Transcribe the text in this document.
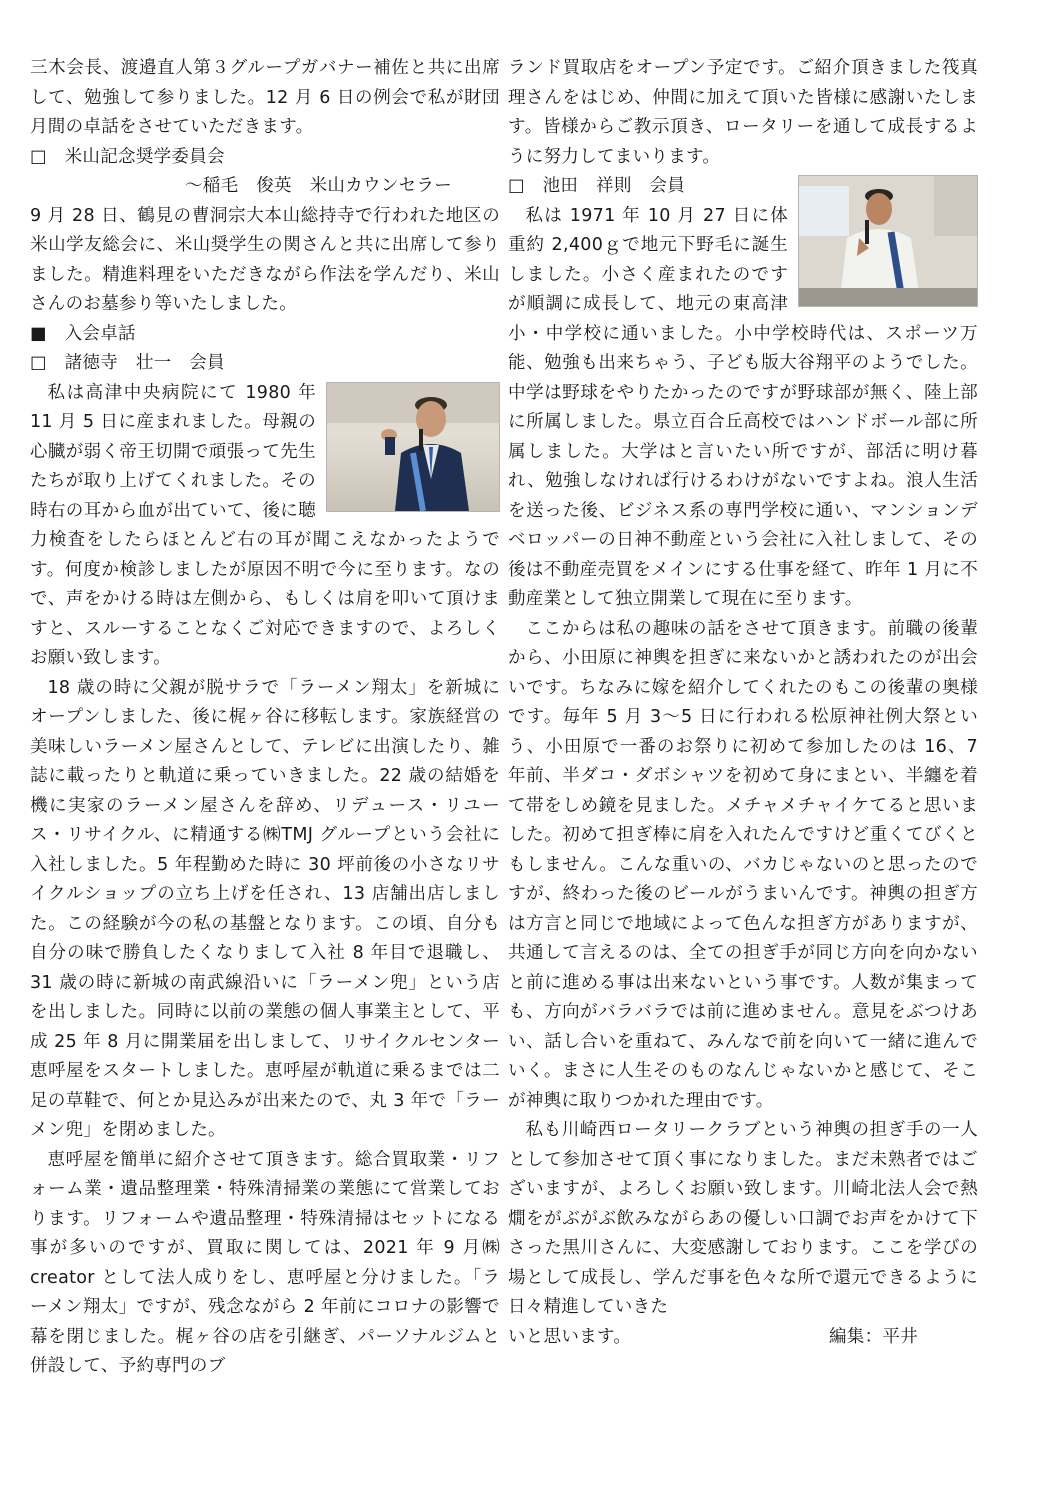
三木会長、渡邉直人第３グループガバナー補佐と共に出席して、勉強して参りました。12 月 6 日の例会で私が財団月間の卓話をさせていただきます。

□　米山記念奨学委員会

～稲毛　俊英　米山カウンセラー

9 月 28 日、鶴見の曹洞宗大本山総持寺で行われた地区の米山学友総会に、米山奨学生の関さんと共に出席して参りました。精進料理をいただきながら作法を学んだり、米山さんのお墓参り等いたしました。

■　入会卓話

□　諸徳寺　壮一　会員

私は高津中央病院にて 1980 年 11 月 5 日に産まれました。母親の心臓が弱く帝王切開で頑張って先生たちが取り上げてくれました。その時右の耳から血が出ていて、後に聴力検査をしたらほとんど右の耳が聞こえなかったようです。何度か検診しましたが原因不明で今に至ります。なので、声をかける時は左側から、もしくは肩を叩いて頂けますと、スルーすることなくご対応できますので、よろしくお願い致します。

18 歳の時に父親が脱サラで「ラーメン翔太」を新城にオープンしました、後に梶ヶ谷に移転します。家族経営の美味しいラーメン屋さんとして、テレビに出演したり、雑誌に載ったりと軌道に乗っていきました。22 歳の結婚を機に実家のラーメン屋さんを辞め、リデュース・リユース・リサイクル、に精通する㈱TMJ グループという会社に入社しました。5 年程勤めた時に 30 坪前後の小さなリサイクルショップの立ち上げを任され、13 店舗出店しました。この経験が今の私の基盤となります。この頃、自分も自分の味で勝負したくなりまして入社 8 年目で退職し、31 歳の時に新城の南武線沿いに「ラーメン兜」という店を出しました。同時に以前の業態の個人事業主として、平成 25 年 8 月に開業届を出しまして、リサイクルセンター恵呼屋をスタートしました。恵呼屋が軌道に乗るまでは二足の草鞋で、何とか見込みが出来たので、丸 3 年で「ラーメン兜」を閉めました。

恵呼屋を簡単に紹介させて頂きます。総合買取業・リフォーム業・遺品整理業・特殊清掃業の業態にて営業しております。リフォームや遺品整理・特殊清掃はセットになる事が多いのですが、買取に関しては、2021 年 9 月㈱creator として法人成りをし、恵呼屋と分けました。「ラーメン翔太」ですが、残念ながら 2 年前にコロナの影響で幕を閉じました。梶ヶ谷の店を引継ぎ、パーソナルジムと併設して、予約専門のブ

ランド買取店をオープン予定です。ご紹介頂きました筏真理さんをはじめ、仲間に加えて頂いた皆様に感謝いたします。皆様からご教示頂き、ロータリーを通して成長するように努力してまいります。

□　池田　祥則　会員

私は 1971 年 10 月 27 日に体重約 2,400ｇで地元下野毛に誕生しました。小さく産まれたのですが順調に成長して、地元の東高津小・中学校に通いました。小中学校時代は、スポーツ万能、勉強も出来ちゃう、子ども版大谷翔平のようでした。中学は野球をやりたかったのですが野球部が無く、陸上部に所属しました。県立百合丘高校ではハンドボール部に所属しました。大学はと言いたい所ですが、部活に明け暮れ、勉強しなければ行けるわけがないですよね。浪人生活を送った後、ビジネス系の専門学校に通い、マンションデベロッパーの日神不動産という会社に入社しまして、その後は不動産売買をメインにする仕事を経て、昨年 1 月に不動産業として独立開業して現在に至ります。

ここからは私の趣味の話をさせて頂きます。前職の後輩から、小田原に神輿を担ぎに来ないかと誘われたのが出会いです。ちなみに嫁を紹介してくれたのもこの後輩の奥様です。毎年 5 月 3～5 日に行われる松原神社例大祭という、小田原で一番のお祭りに初めて参加したのは 16、7 年前、半ダコ・ダボシャツを初めて身にまとい、半纏を着て帯をしめ鏡を見ました。メチャメチャイケてると思いました。初めて担ぎ棒に肩を入れたんですけど重くてびくともしません。こんな重いの、バカじゃないのと思ったのですが、終わった後のビールがうまいんです。神輿の担ぎ方は方言と同じで地域によって色んな担ぎ方がありますが、共通して言えるのは、全ての担ぎ手が同じ方向を向かないと前に進める事は出来ないという事です。人数が集まっても、方向がバラバラでは前に進めません。意見をぶつけあい、話し合いを重ねて、みんなで前を向いて一緒に進んでいく。まさに人生そのものなんじゃないかと感じて、そこが神輿に取りつかれた理由です。

私も川崎西ロータリークラブという神輿の担ぎ手の一人として参加させて頂く事になりました。まだ未熟者ではございますが、よろしくお願い致します。川崎北法人会で熱燗をがぶがぶ飲みながらあの優しい口調でお声をかけて下さった黒川さんに、大変感謝しております。ここを学びの場として成長し、学んだ事を色々な所で還元できるように日々精進していきた

いと思います。	編集：平井
